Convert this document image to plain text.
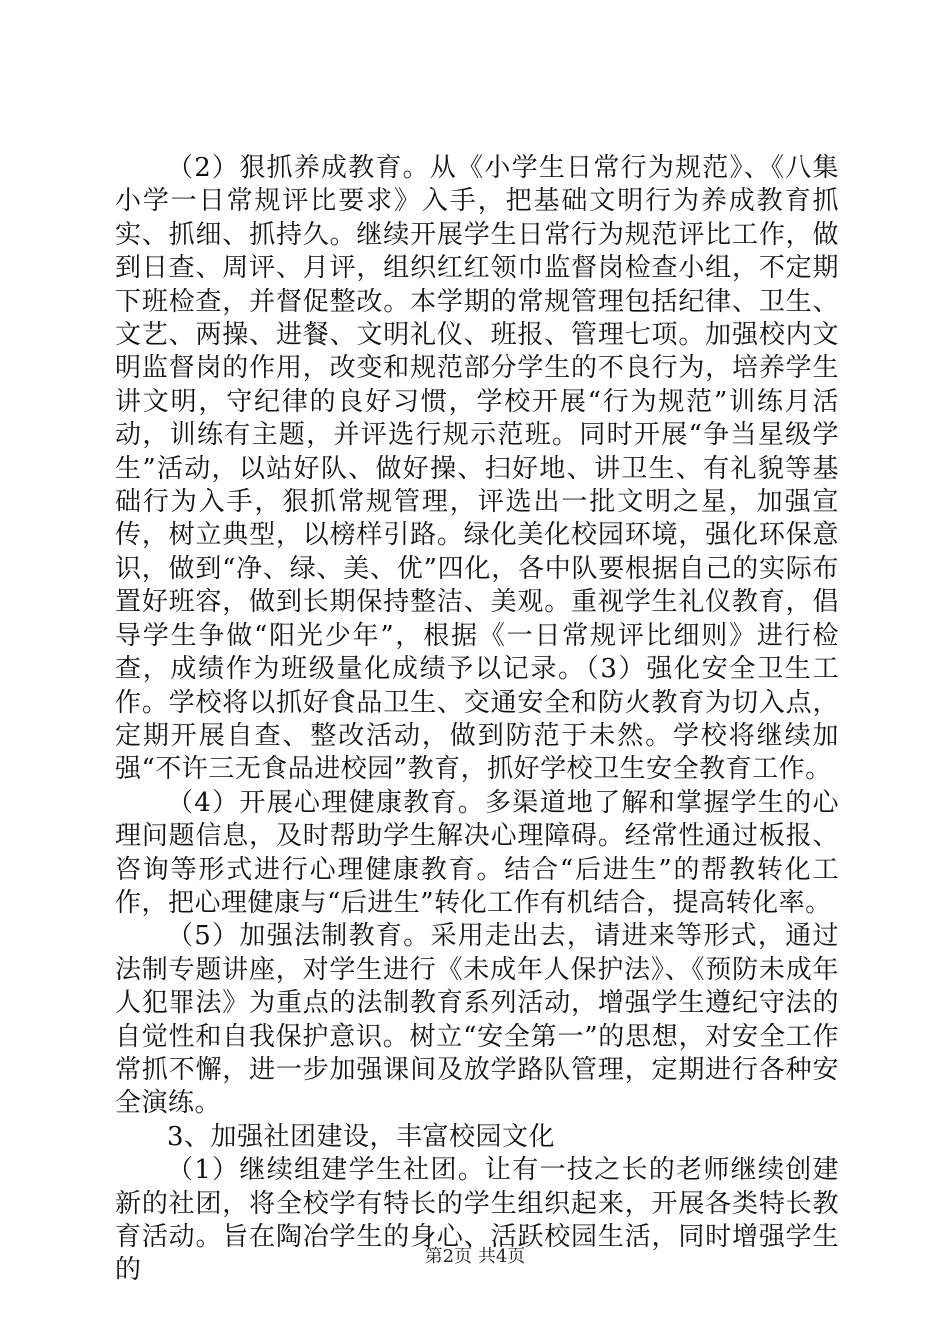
（2）狠抓养成教育。从《小学生日常行为规范》、《八集小学一日常规评比要求》入手，把基础文明行为养成教育抓实、抓细、抓持久。继续开展学生日常行为规范评比工作，做到日查、周评、月评，组织红红领巾监督岗检查小组，不定期下班检查，并督促整改。本学期的常规管理包括纪律、卫生、文艺、两操、进餐、文明礼仪、班报、管理七项。加强校内文明监督岗的作用，改变和规范部分学生的不良行为，培养学生讲文明，守纪律的良好习惯，学校开展“行为规范”训练月活动，训练有主题，并评选行规示范班。同时开展“争当星级学生”活动，以站好队、做好操、扫好地、讲卫生、有礼貌等基础行为入手，狠抓常规管理，评选出一批文明之星，加强宣传，树立典型，以榜样引路。绿化美化校园环境，强化环保意识，做到“净、绿、美、优”四化，各中队要根据自己的实际布置好班容，做到长期保持整洁、美观。重视学生礼仪教育，倡导学生争做“阳光少年”，根据《一日常规评比细则》进行检查，成绩作为班级量化成绩予以记录。（3）强化安全卫生工作。学校将以抓好食品卫生、交通安全和防火教育为切入点，定期开展自查、整改活动，做到防范于未然。学校将继续加强“不许三无食品进校园”教育，抓好学校卫生安全教育工作。

（4）开展心理健康教育。多渠道地了解和掌握学生的心理问题信息，及时帮助学生解决心理障碍。经常性通过板报、咨询等形式进行心理健康教育。结合“后进生”的帮教转化工作，把心理健康与“后进生”转化工作有机结合，提高转化率。

（5）加强法制教育。采用走出去，请进来等形式，通过法制专题讲座，对学生进行《未成年人保护法》、《预防未成年人犯罪法》为重点的法制教育系列活动，增强学生遵纪守法的自觉性和自我保护意识。树立“安全第一”的思想，对安全工作常抓不懈，进一步加强课间及放学路队管理，定期进行各种安全演练。

3、加强社团建设，丰富校园文化

（1）继续组建学生社团。让有一技之长的老师继续创建新的社团，将全校学有特长的学生组织起来，开展各类特长教育活动。旨在陶冶学生的身心、活跃校园生活，同时增强学生的	第2页 共4页
